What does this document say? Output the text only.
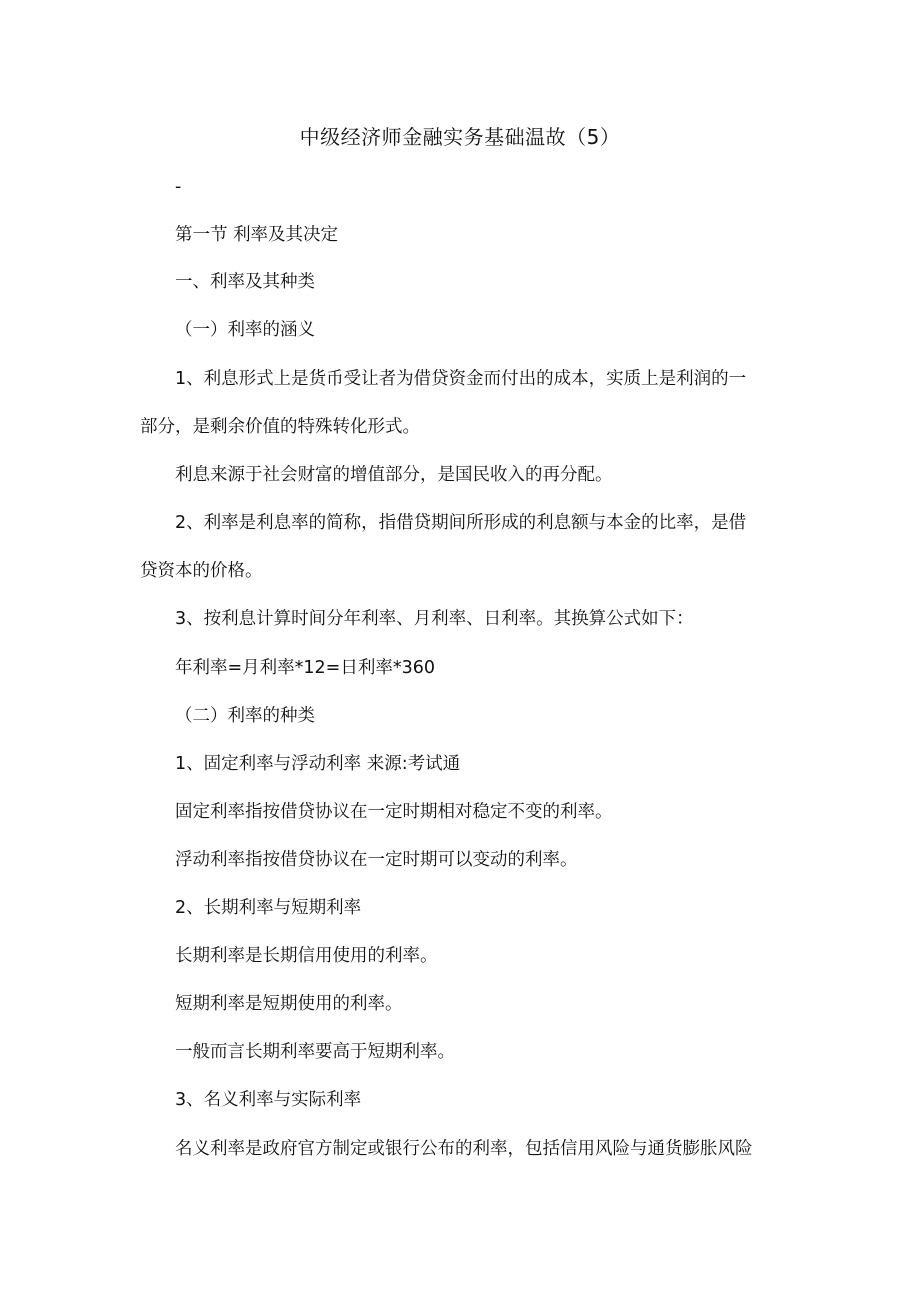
中级经济师金融实务基础温故（5）
-
第一节 利率及其决定
一、利率及其种类
（一）利率的涵义
1、利息形式上是货币受让者为借贷资金而付出的成本，实质上是利润的一
部分，是剩余价值的特殊转化形式。
利息来源于社会财富的增值部分，是国民收入的再分配。
2、利率是利息率的简称，指借贷期间所形成的利息额与本金的比率，是借
贷资本的价格。
3、按利息计算时间分年利率、月利率、日利率。其换算公式如下：
年利率=月利率*12=日利率*360
（二）利率的种类
1、固定利率与浮动利率 来源:考试通
固定利率指按借贷协议在一定时期相对稳定不变的利率。
浮动利率指按借贷协议在一定时期可以变动的利率。
2、长期利率与短期利率
长期利率是长期信用使用的利率。
短期利率是短期使用的利率。
一般而言长期利率要高于短期利率。
3、名义利率与实际利率
名义利率是政府官方制定或银行公布的利率，包括信用风险与通货膨胀风险
